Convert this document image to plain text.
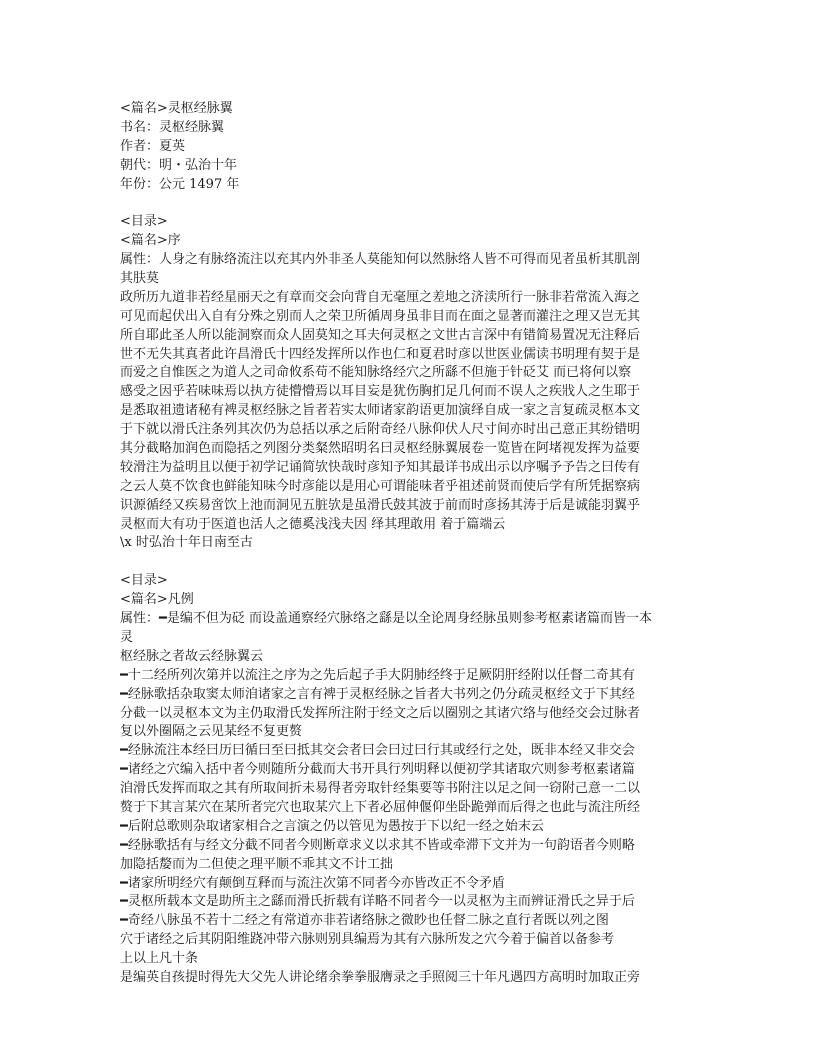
<篇名>灵枢经脉翼
书名：灵枢经脉翼
作者：夏英
朝代：明・弘治十年
年份：公元 1497 年
<目录>
<篇名>序
属性：人身之有脉络流注以充其内外非圣人莫能知何以然脉络人皆不可得而见者虽析其肌剖
其肤莫
政所历九道非若经星丽天之有章而交会向背自无毫厘之差地之济渎所行一脉非若常流入海之
可见而起伏出入自有分殊之别而人之荣卫所循周身虽非目而在面之显著而灌注之理又岂无其
所自耶此圣人所以能洞察而众人固莫知之耳夫何灵枢之文世古言深中有错简易置况无注释后
世不无失其真者此许昌滑氏十四经发挥所以作也仁和夏君时彦以世医业儒读书明理有契于是
而爱之自惟医之为道人之司命攸系苟不能知脉络经穴之所繇不但施于针砭艾 而已将何以察
感受之因乎若味味焉以执方徒懵懵焉以耳目妄是犹伤胸扪足几何而不误人之疾戕人之生耶于
是悉取祖遗诸秘有裨灵枢经脉之旨者若实太师诸家韵语更加演绎自成一家之言复疏灵枢本文
于下就以滑氏注条列其次仍为总括以承之后附奇经八脉仰伏人尺寸间亦时出己意正其纷错明
其分截略加润色而隐括之列图分类粲然昭明名曰灵枢经脉翼展卷一览皆在阿堵视发挥为益要
较滑注为益明且以便于初学记诵简欤快哉时彦知予知其最详书成出示以序嘱予予告之曰传有
之云人莫不饮食也鲜能知味今时彦能以是用心可谓能味者乎祖述前贤而使后学有所凭据察病
识源循经又疾易啻饮上池而洞见五脏欤是虽滑氏鼓其波于前而时彦扬其涛于后是诚能羽翼乎
灵枢而大有功于医道也活人之德奚浅浅夫因 绎其理敢用 着于篇端云
\x 时弘治十年日南至古
<目录>
<篇名>凡例
属性：━是编不但为砭 而设盖通察经穴脉络之繇是以全论周身经脉虽则参考枢素诸篇而皆一本
灵
枢经脉之者故云经脉翼云
━十二经所列次第并以流注之序为之先后起子手大阴肺经终于足厥阴肝经附以任督二奇其有
━经脉歌括杂取窦太师洎诸家之言有裨于灵枢经脉之旨者大书列之仍分疏灵枢经文于下其经
分截一以灵枢本文为主仍取滑氏发挥所注附于经文之后以圈别之其诸穴络与他经交会过脉者
复以外圈隔之云见某经不复更赘
━经脉流注本经曰历曰循曰至曰抵其交会者曰会曰过曰行其或经行之处，既非本经又非交会
━诸经之穴编入括中者今则随所分截而大书开具行列明释以便初学其诸取穴则参考枢素诸篇
洎滑氏发挥而取之其有所取间折未易得者旁取针经集要等书附注以足之间一窃附己意一二以
赘于下其言某穴在某所者完穴也取某穴上下者必屈伸偃仰坐卧跪弹而后得之也此与流注所经
━后附总歌则杂取诸家相合之言演之仍以管见为愚按于下以纪一经之始末云
━经脉歌括有与经文分截不同者今则断章求义以求其不皆或牵滞下文并为一句韵语者今则略
加隐括嫠而为二但使之理平顺不乖其文不计工拙
━诸家所明经穴有颠倒互释而与流注次第不同者今亦皆改正不令矛盾
━灵枢所载本文是助所主之繇而滑氏折载有详略不同者今一以灵枢为主而辨证滑氏之异于后
━奇经八脉虽不若十二经之有常道亦非若诸络脉之微眇也任督二脉之直行者既以列之图
穴于诸经之后其阴阳维跷冲带六脉则别具编焉为其有六脉所发之穴今着于偏首以备参考
上以上凡十条
是编英自孩提时得先大父先人讲论绪余拳拳服膺录之手照阅三十年凡遇四方高明时加取正旁
